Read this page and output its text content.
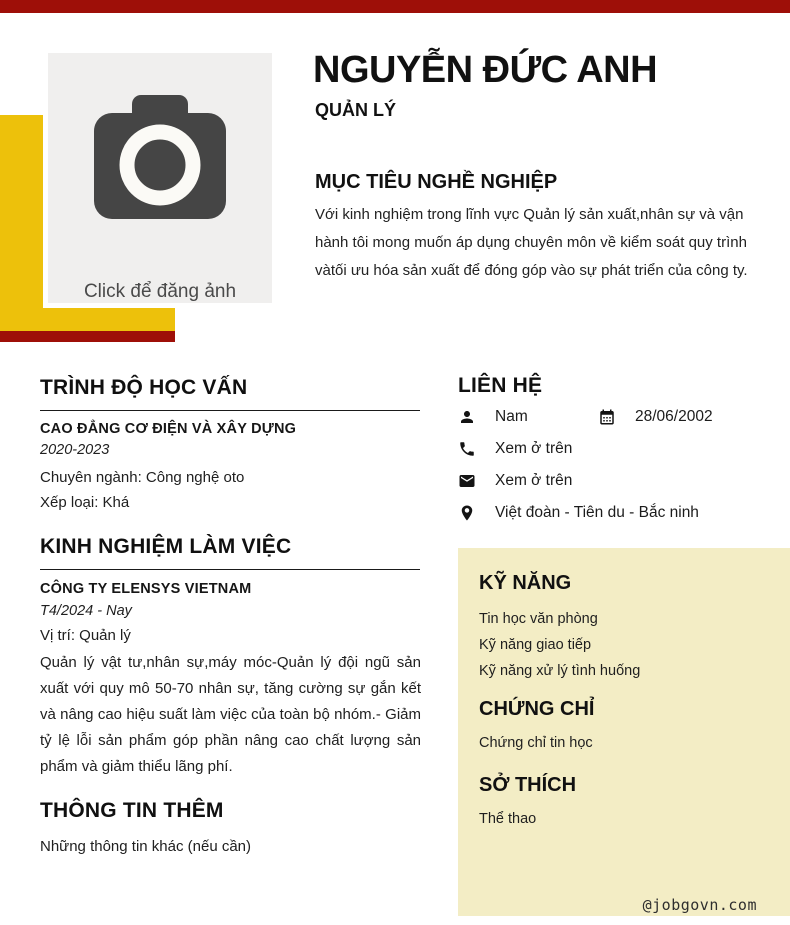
Click để đăng ảnh
NGUYỄN ĐỨC ANH
QUẢN LÝ
MỤC TIÊU NGHỀ NGHIỆP
Với kinh nghiệm trong lĩnh vực Quản lý sản xuất,nhân sự và vận hành tôi mong muốn áp dụng chuyên môn về kiểm soát quy trình vàtối ưu hóa sản xuất để đóng góp vào sự phát triển của công ty.
TRÌNH ĐỘ HỌC VẤN
CAO ĐẲNG CƠ ĐIỆN VÀ XÂY DỰNG
2020-2023
Chuyên ngành: Công nghệ oto
Xếp loại: Khá
KINH NGHIỆM LÀM VIỆC
CÔNG TY ELENSYS VIETNAM
T4/2024 - Nay
Vị trí: Quản lý
Quản lý vật tư,nhân sự,máy móc-Quản lý đội ngũ sản xuất với quy mô 50-70 nhân sự, tăng cường sự gắn kết và nâng cao hiệu suất làm việc của toàn bộ nhóm.- Giảm tỷ lệ lỗi sản phẩm góp phần nâng cao chất lượng sản phẩm và giảm thiểu lãng phí.
THÔNG TIN THÊM
Những thông tin khác (nếu cần)
LIÊN HỆ
Nam	28/06/2002
Xem ở trên
Xem ở trên
Việt đoàn - Tiên du - Bắc ninh
KỸ NĂNG
Tin học văn phòng
Kỹ năng giao tiếp
Kỹ năng xử lý tình huống
CHỨNG CHỈ
Chứng chỉ tin học
SỞ THÍCH
Thể thao
@jobgovn.com
